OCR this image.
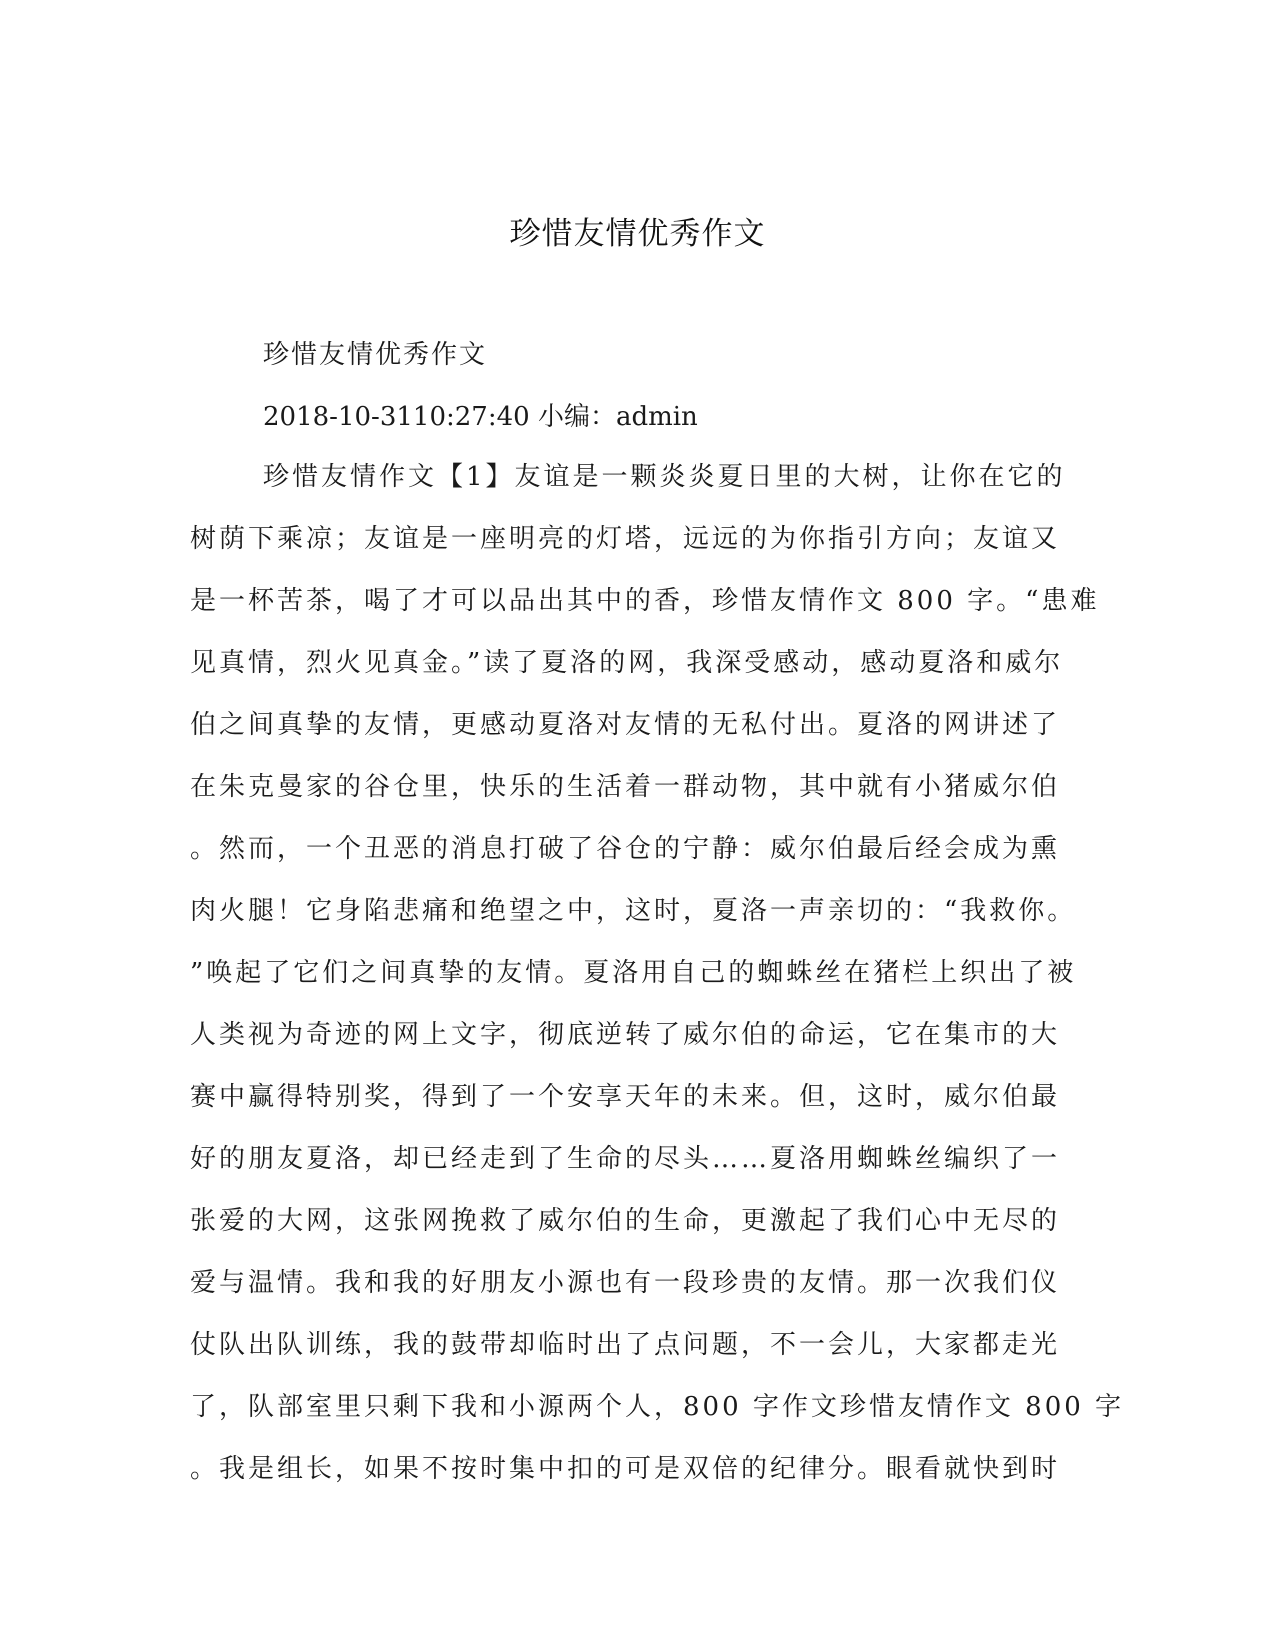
珍惜友情优秀作文

珍惜友情优秀作文

2018-10-3110:27:40 小编：admin

珍惜友情作文【1】友谊是一颗炎炎夏日里的大树，让你在它的

树荫下乘凉；友谊是一座明亮的灯塔，远远的为你指引方向；友谊又

是一杯苦茶，喝了才可以品出其中的香，珍惜友情作文 800 字。“患难

见真情，烈火见真金。”读了夏洛的网，我深受感动，感动夏洛和威尔

伯之间真挚的友情，更感动夏洛对友情的无私付出。夏洛的网讲述了

在朱克曼家的谷仓里，快乐的生活着一群动物，其中就有小猪威尔伯

。然而，一个丑恶的消息打破了谷仓的宁静：威尔伯最后经会成为熏

肉火腿！它身陷悲痛和绝望之中，这时，夏洛一声亲切的：“我救你。

”唤起了它们之间真挚的友情。夏洛用自己的蜘蛛丝在猪栏上织出了被

人类视为奇迹的网上文字，彻底逆转了威尔伯的命运，它在集市的大

赛中赢得特别奖，得到了一个安享天年的未来。但，这时，威尔伯最

好的朋友夏洛，却已经走到了生命的尽头……夏洛用蜘蛛丝编织了一

张爱的大网，这张网挽救了威尔伯的生命，更激起了我们心中无尽的

爱与温情。我和我的好朋友小源也有一段珍贵的友情。那一次我们仪

仗队出队训练，我的鼓带却临时出了点问题，不一会儿，大家都走光

了，队部室里只剩下我和小源两个人，800 字作文珍惜友情作文 800 字

。我是组长，如果不按时集中扣的可是双倍的纪律分。眼看就快到时
